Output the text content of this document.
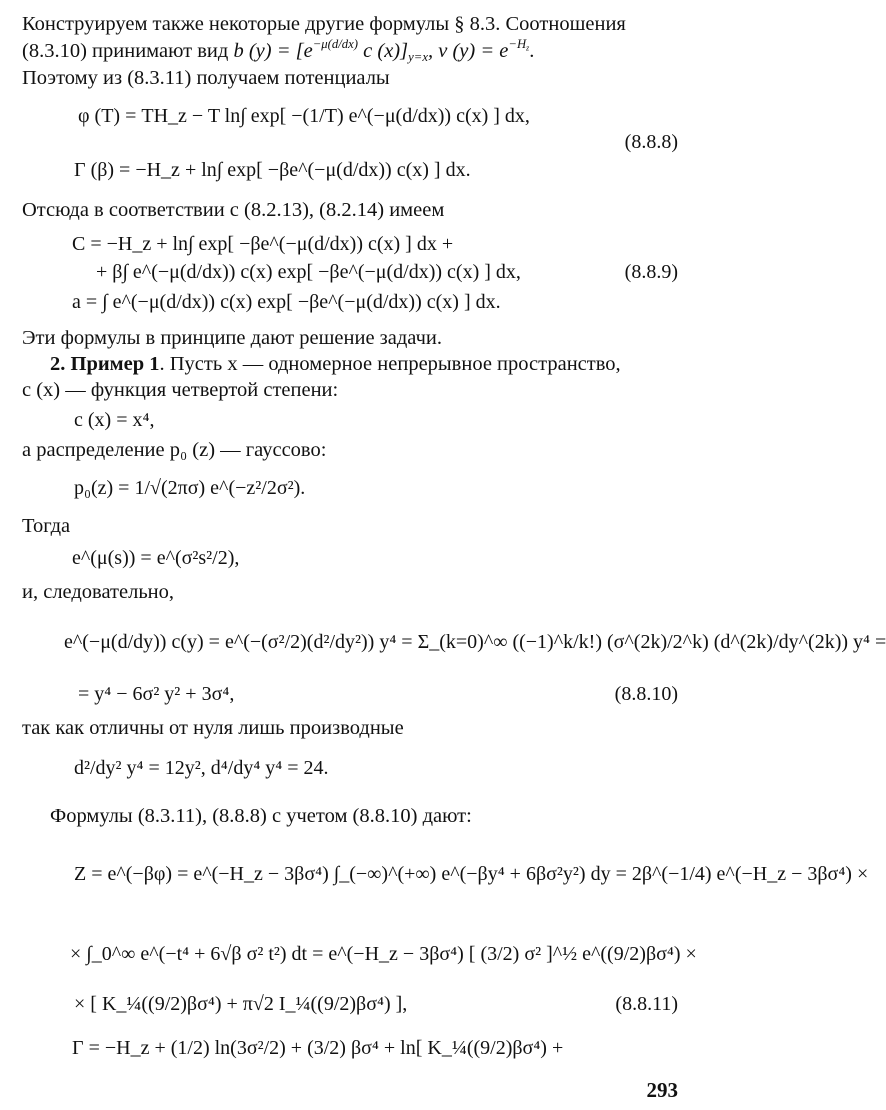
Конструируем также некоторые другие формулы § 8.3. Соотношения
(8.3.10) принимают вид b $(y) = [e^{-\mu(d/dx)}$ c $(x)]_{y=x}$, ν $(y) = e^{-H_z}$.
Поэтому из (8.3.11) получаем потенциалы
φ (T) = TH_z − T ln∫ exp[ −(1/T) e^(−μ(d/dx)) c(x) ] dx,
(8.8.8)
Γ (β) = −H_z + ln∫ exp[ −βe^(−μ(d/dx)) c(x) ] dx.
Отсюда в соответствии с (8.2.13), (8.2.14) имеем
C = −H_z + ln∫ exp[ −βe^(−μ(d/dx)) c(x) ] dx +
+ β∫ e^(−μ(d/dx)) c(x) exp[ −βe^(−μ(d/dx)) c(x) ] dx,	(8.8.9)
a = ∫ e^(−μ(d/dx)) c(x) exp[ −βe^(−μ(d/dx)) c(x) ] dx.
Эти формулы в принципе дают решение задачи.
2. Пример 1. Пусть x — одномерное непрерывное пространство,
c (x) — функция четвертой степени:
c (x) = x⁴,
а распределение p₀ (z) — гауссово:
p₀(z) = 1/√(2πσ) e^(−z²/2σ²).
Тогда
e^(μ(s)) = e^(σ²s²/2),
и, следовательно,
e^(−μ(d/dy)) c(y) = e^(−(σ²/2)(d²/dy²)) y⁴ = Σ_(k=0)^∞ ((−1)^k/k!) (σ^(2k)/2^k) (d^(2k)/dy^(2k)) y⁴ =
= y⁴ − 6σ² y² + 3σ⁴,	(8.8.10)
так как отличны от нуля лишь производные
d²/dy² y⁴ = 12y², d⁴/dy⁴ y⁴ = 24.
Формулы (8.3.11), (8.8.8) с учетом (8.8.10) дают:
Z = e^(−βφ) = e^(−H_z − 3βσ⁴) ∫_(−∞)^(+∞) e^(−βy⁴ + 6βσ²y²) dy = 2β^(−1/4) e^(−H_z − 3βσ⁴) ×
× ∫_0^∞ e^(−t⁴ + 6√β σ² t²) dt = e^(−H_z − 3βσ⁴) [ (3/2) σ² ]^½ e^((9/2)βσ⁴) ×
× [ K_¼((9/2)βσ⁴) + π√2 I_¼((9/2)βσ⁴) ],	(8.8.11)
Γ = −H_z + (1/2) ln(3σ²/2) + (3/2) βσ⁴ + ln[ K_¼((9/2)βσ⁴) +
293
